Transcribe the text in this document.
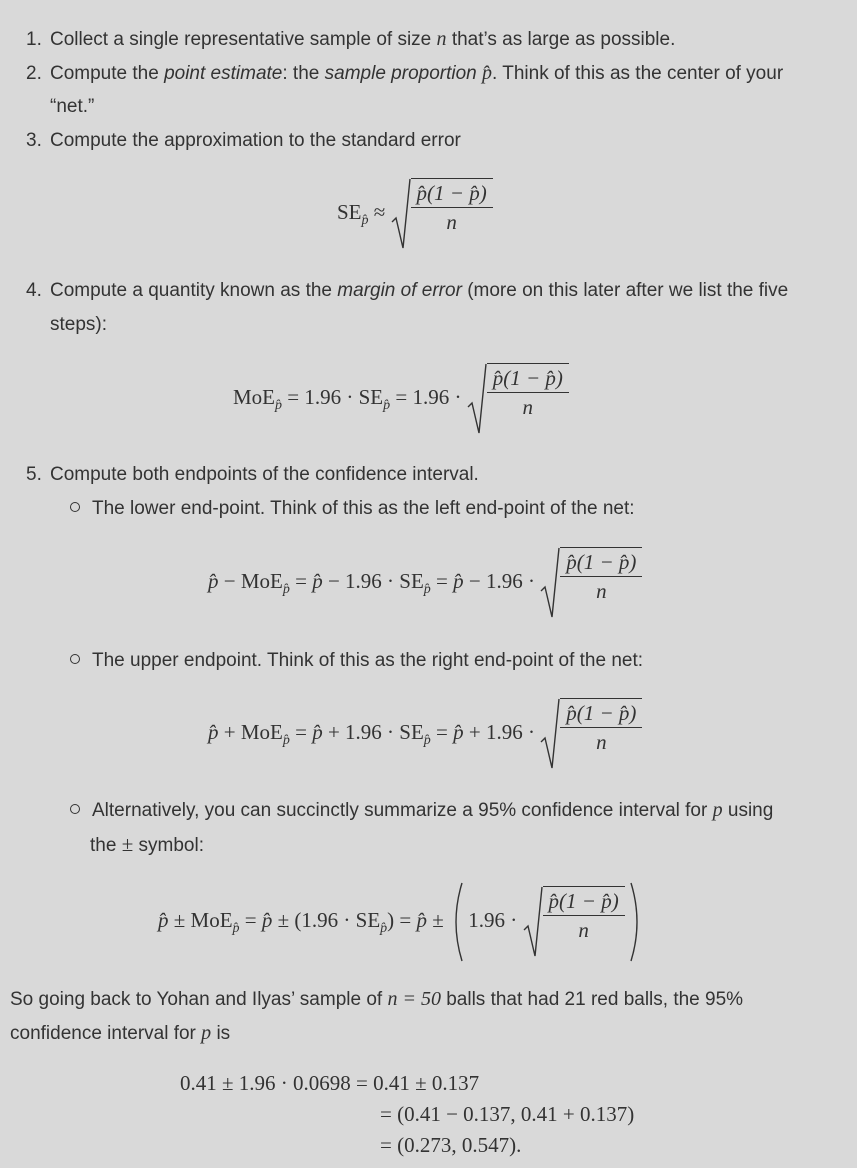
1. Collect a single representative sample of size n that’s as large as possible.
2. Compute the point estimate: the sample proportion p̂. Think of this as the center of your
“net.”
3. Compute the approximation to the standard error
$SE_{p̂} \approx \frac{p̂(1 - p̂)}{n}$
4. Compute a quantity known as the margin of error (more on this later after we list the five
steps):
$MoE_{p̂} = 1.96 \cdot SE_{p̂} = 1.96 \cdot \frac{p̂(1 - p̂)}{n}$
5. Compute both endpoints of the confidence interval.
The lower end-point. Think of this as the left end-point of the net:
p̂ − MoE$_{p̂}$ = p̂ − $1.96 \cdot SE_{p̂}$ = p̂ − $1.96 \cdot \frac{p̂(1 - p̂)}{n}$
The upper endpoint. Think of this as the right end-point of the net:
p̂ + MoE$_{p̂}$ = p̂ + $1.96 \cdot SE_{p̂}$ = p̂ + $1.96 \cdot \frac{p̂(1 - p̂)}{n}$
Alternatively, you can succinctly summarize a 95% confidence interval for p using
the ± symbol:
p̂ ± MoE$_{p̂}$ = p̂ ± $(1.96 \cdot SE_{p̂})$ = p̂ ± $1.96 \cdot \frac{p̂(1 - p̂)}{n}$

So going back to Yohan and Ilyas’ sample of n = 50 balls that had 21 red balls, the 95%
confidence interval for p is
0.41 ± 1.96 · 0.0698 = 0.41 ± 0.137
= (0.41 − 0.137, 0.41 + 0.137)
= (0.273, 0.547).
